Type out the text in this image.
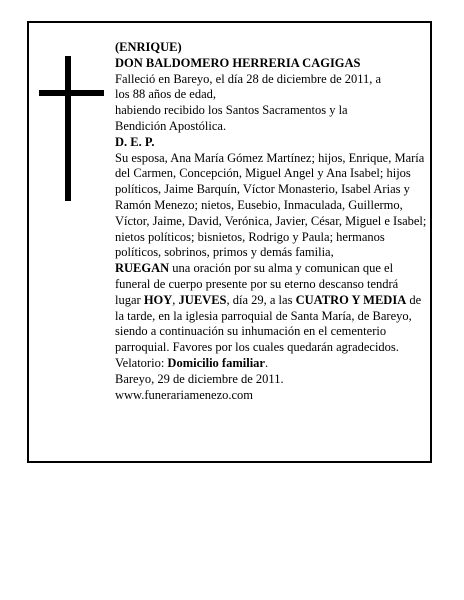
(ENRIQUE)

DON BALDOMERO HERRERIA CAGIGAS

Falleció en Bareyo, el día 28 de diciembre de 2011, a

los 88 años de edad,

habiendo recibido los Santos Sacramentos y la

Bendición Apostólica.

D. E. P.

Su esposa, Ana María Gómez Martínez; hijos, Enrique, María del Carmen, Concepción, Miguel Angel y Ana Isabel; hijos políticos, Jaime Barquín, Víctor Monasterio, Isabel Arias y Ramón Menezo; nietos, Eusebio, Inmaculada, Guillermo, Víctor, Jaime, David, Verónica, Javier, César, Miguel e Isabel; nietos políticos; bisnietos, Rodrigo y Paula; hermanos políticos, sobrinos, primos y demás familia,

RUEGAN una oración por su alma y comunican que el funeral de cuerpo presente por su eterno descanso tendrá lugar HOY, JUEVES, día 29, a las CUATRO Y MEDIA de la tarde, en la iglesia parroquial de Santa María, de Bareyo, siendo a continuación su inhumación en el cementerio parroquial. Favores por los cuales quedarán agradecidos. Velatorio: Domicilio familiar.

Bareyo, 29 de diciembre de 2011.

www.funerariamenezo.com
